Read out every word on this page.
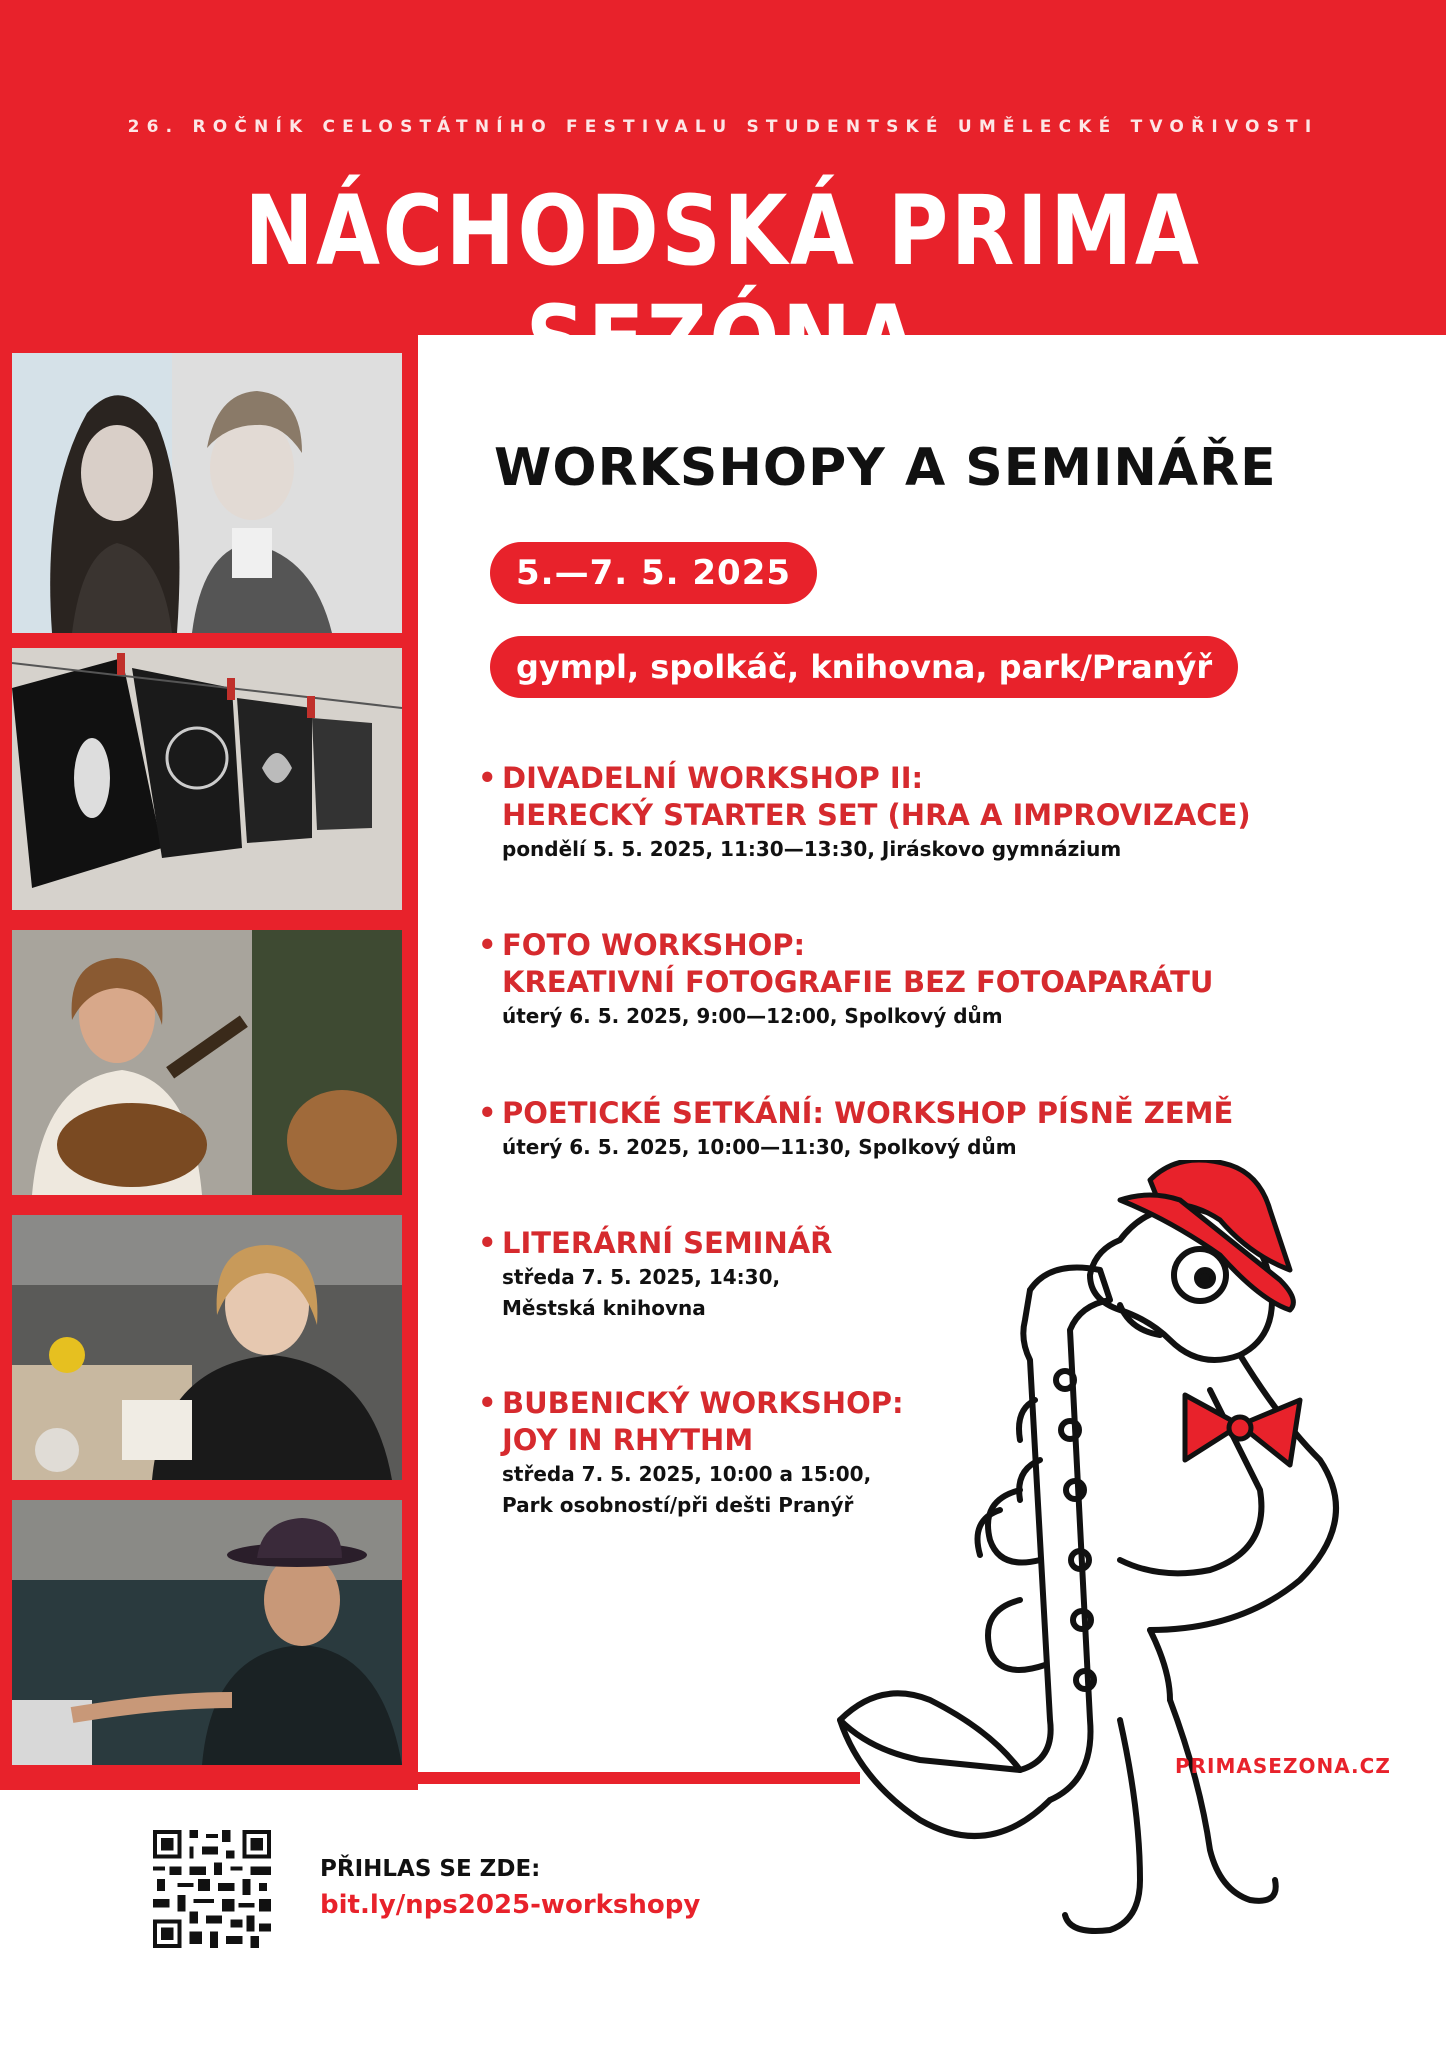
26. ROČNÍK CELOSTÁTNÍHO FESTIVALU STUDENTSKÉ UMĚLECKÉ TVOŘIVOSTI
NÁCHODSKÁ PRIMA SEZÓNA
WORKSHOPY A SEMINÁŘE
5.—7. 5. 2025
gympl, spolkáč, knihovna, park/Pranýř
• DIVADELNÍ WORKSHOP II:
HERECKÝ STARTER SET (HRA A IMPROVIZACE)
pondělí 5. 5. 2025, 11:30—13:30, Jiráskovo gymnázium
• FOTO WORKSHOP:
KREATIVNÍ FOTOGRAFIE BEZ FOTOAPARÁTU
úterý 6. 5. 2025, 9:00—12:00, Spolkový dům
• POETICKÉ SETKÁNÍ: WORKSHOP PÍSNĚ ZEMĚ
úterý 6. 5. 2025, 10:00—11:30, Spolkový dům
• LITERÁRNÍ SEMINÁŘ
středa 7. 5. 2025, 14:30,
Městská knihovna
• BUBENICKÝ WORKSHOP:
JOY IN RHYTHM
středa 7. 5. 2025, 10:00 a 15:00,
Park osobností/při dešti Pranýř
PRIMASEZONA.CZ
PŘIHLAS SE ZDE:
bit.ly/nps2025-workshopy
